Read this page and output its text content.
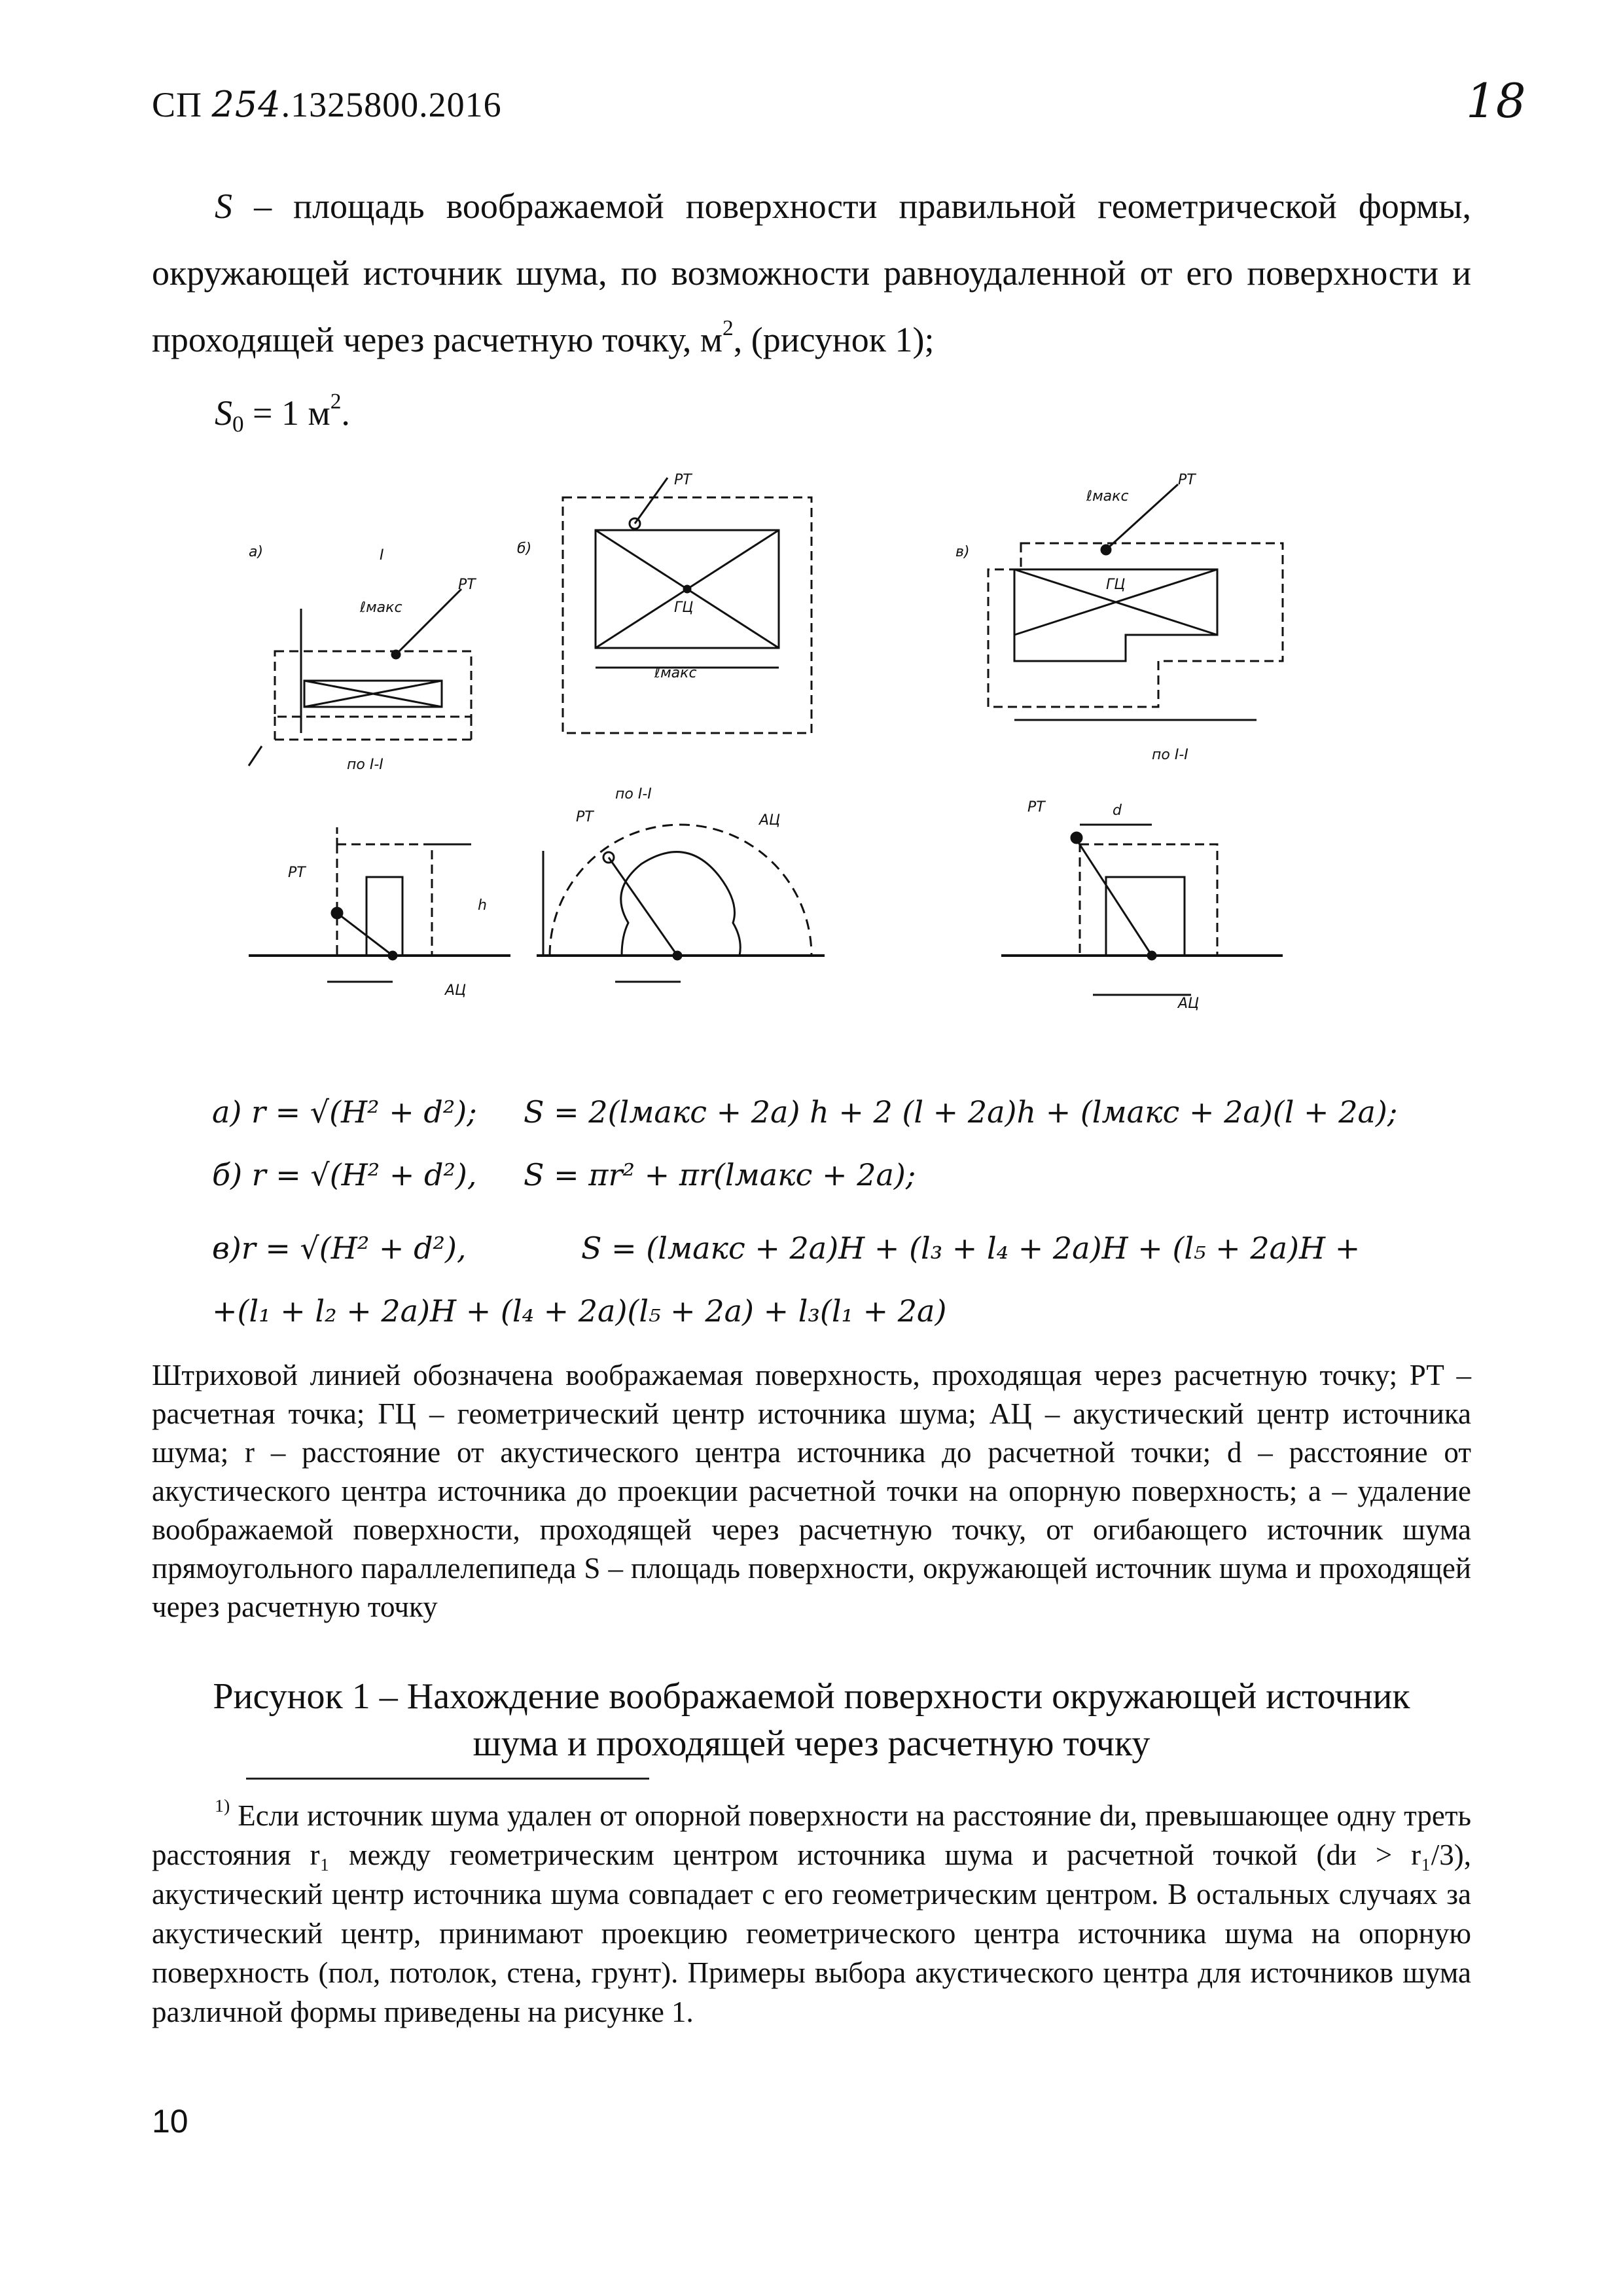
СП 254.1325800.2016	18
S – площадь воображаемой поверхности правильной геометрической формы, окружающей источник шума, по возможности равноудаленной от его поверхности и проходящей через расчетную точку, $м^2$, (рисунок 1);
$S_0 = 1$ $м^2$.
а)	б)	в)
РТ
ℓмакс
по I-I
I
РТ
ℓмакс
ГЦ
по I-I
АЦ
РТ
ℓмакс
РТ
ГЦ
по I-I
РТ	d
АЦ
РТ
АЦ
h
а) r = √(H² + d²); S = 2(lмакс + 2a) h + 2 (l + 2a)h + (lмакс + 2a)(l + 2a);
б) r = √(H² + d²), S = πr² + πr(lмакс + 2a);
в)r = √(H² + d²),	S = (lмакс + 2a)H + (l₃ + l₄ + 2a)H + (l₅ + 2a)H +
+(l₁ + l₂ + 2a)H + (l₄ + 2a)(l₅ + 2a) + l₃(l₁ + 2a)
Штриховой линией обозначена воображаемая поверхность, проходящая через расчетную точку; РТ – расчетная точка; ГЦ – геометрический центр источника шума; АЦ – акустический центр источника шума; r – расстояние от акустического центра источника до расчетной точки; d – расстояние от акустического центра источника до проекции расчетной точки на опорную поверхность; a – удаление воображаемой поверхности, проходящей через расчетную точку, от огибающего источник шума прямоугольного параллелепипеда S – площадь поверхности, окружающей источник шума и проходящей через расчетную точку
Рисунок 1 – Нахождение воображаемой поверхности окружающей источник
шума и проходящей через расчетную точку
$^{1)}$ Если источник шума удален от опорной поверхности на расстояние dи, превышающее одну треть расстояния r₁ между геометрическим центром источника шума и расчетной точкой (dи > r₁/3), акустический центр источника шума совпадает с его геометрическим центром. В остальных случаях за акустический центр, принимают проекцию геометрического центра источника шума на опорную поверхность (пол, потолок, стена, грунт). Примеры выбора акустического центра для источников шума различной формы приведены на рисунке 1.
10
